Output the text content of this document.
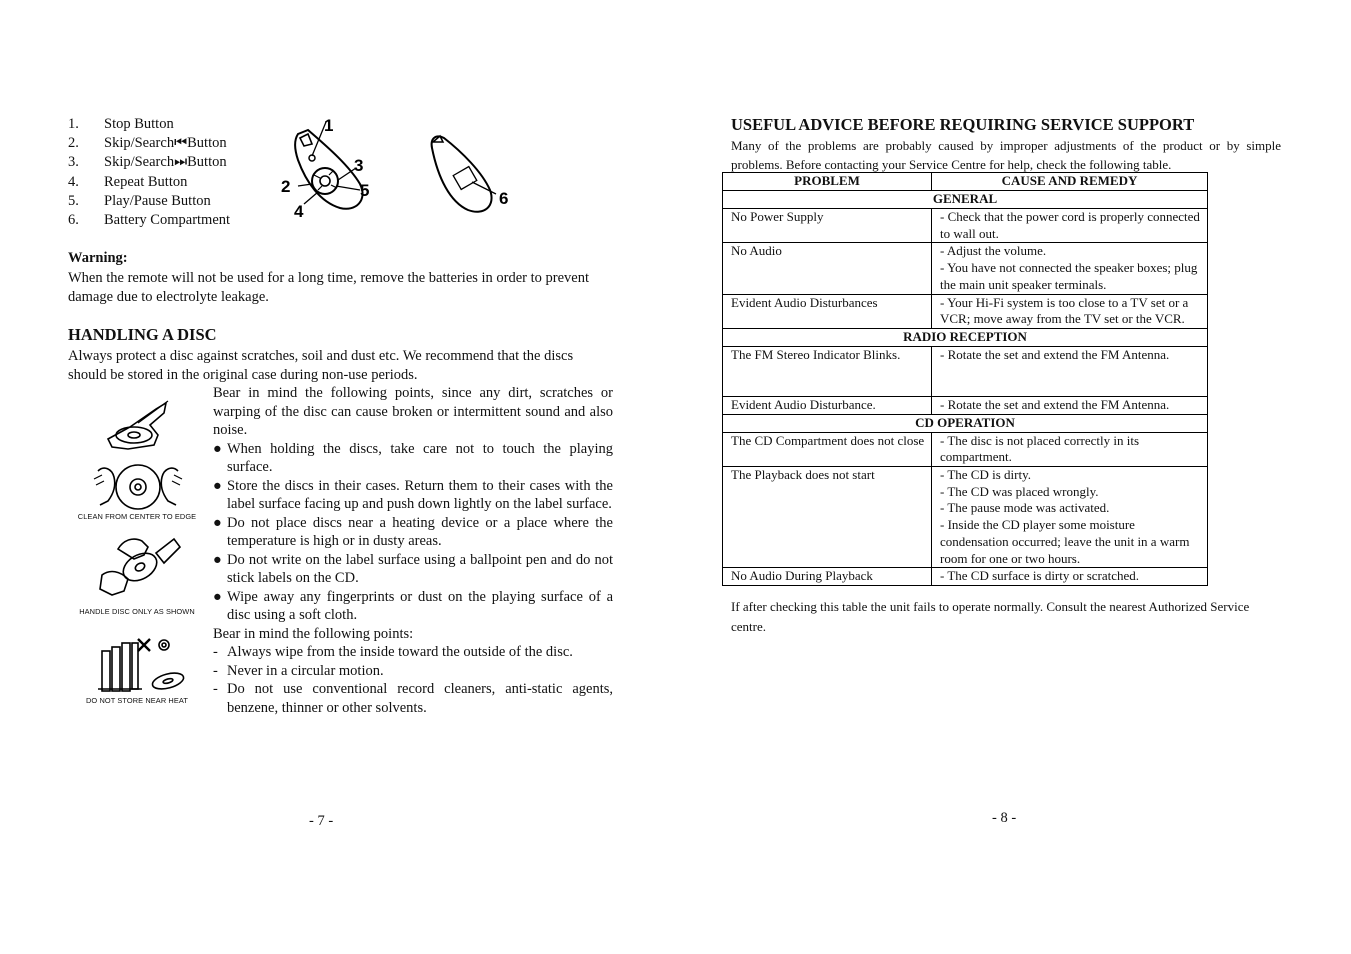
1.	Stop Button
2.	Skip/Search⏮Button
3.	Skip/Search⏭Button
4.	Repeat Button
5.	Play/Pause Button
6.	Battery Compartment
1
2
3
4
5	6
Warning:
When the remote will not be used for a long time, remove the batteries in order to prevent damage due to electrolyte leakage.
HANDLING A DISC
Always protect a disc against scratches, soil and dust etc. We recommend that the discs should be stored in the original case during non-use periods.
CLEAN FROM CENTER TO EDGE
HANDLE DISC ONLY AS SHOWN
DO NOT STORE NEAR HEAT

Bear in mind the following points, since any dirt, scratches or warping of the disc can cause broken or intermittent sound and also noise.

● When holding the discs, take care not to touch the playing surface.

● Store the discs in their cases. Return them to their cases with the label surface facing up and push down lightly on the label surface.

● Do not place discs near a heating device or a place where the temperature is high or in dusty areas.

● Do not write on the label surface using a ballpoint pen and do not stick labels on the CD.

● Wipe away any fingerprints or dust on the playing surface of a disc using a soft cloth.

Bear in mind the following points:

- Always wipe from the inside toward the outside of the disc.

- Never in a circular motion.

- Do not use conventional record cleaners, anti-static agents, benzene, thinner or other solvents.

- 7 -
USEFUL ADVICE BEFORE REQUIRING SERVICE SUPPORT
Many of the problems are probably caused by improper adjustments of the product or by simple problems. Before contacting your Service Centre for help, check the following table.
PROBLEM	CAUSE AND REMEDY
GENERAL	
No Power Supply	- Check that the power cord is properly connected to wall out.
No Audio	- Adjust the volume.
- You have not connected the speaker boxes; plug the main unit speaker terminals.
Evident Audio Disturbances	- Your Hi-Fi system is too close to a TV set or a VCR; move away from the TV set or the VCR.
RADIO RECEPTION	
The FM Stereo Indicator Blinks.	- Rotate the set and extend the FM Antenna.
Evident Audio Disturbance.	- Rotate the set and extend the FM Antenna.
CD OPERATION	
The CD Compartment does not close	- The disc is not placed correctly in its compartment.
The Playback does not start	- The CD is dirty.
- The CD was placed wrongly.
- The pause mode was activated.
- Inside the CD player some moisture condensation occurred; leave the unit in a warm room for one or two hours.
No Audio During Playback	- The CD surface is dirty or scratched.
If after checking this table the unit fails to operate normally. Consult the nearest Authorized Service centre.
- 8 -
